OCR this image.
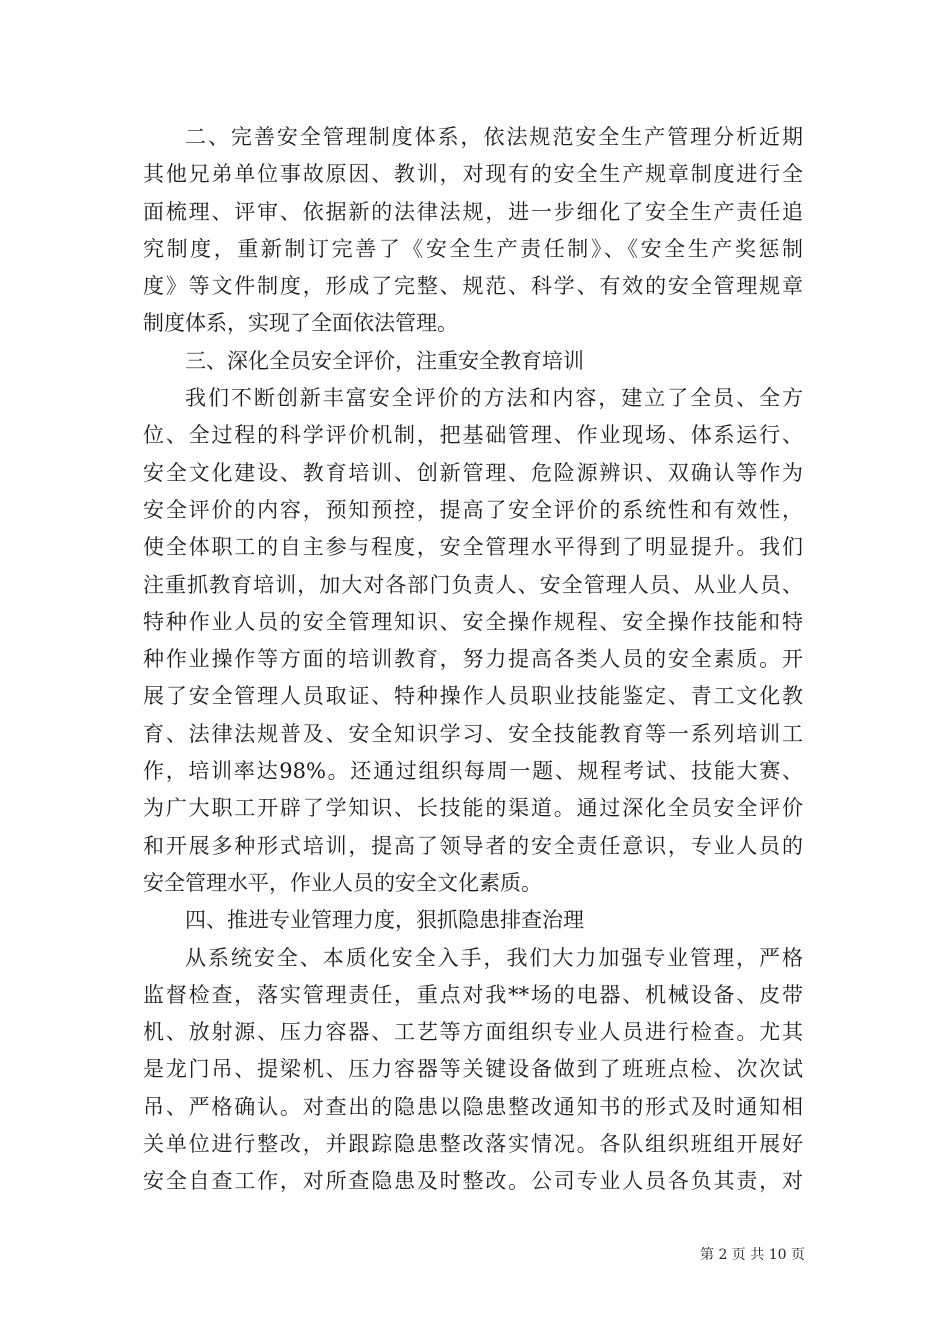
二、完善安全管理制度体系，依法规范安全生产管理分析近期
其他兄弟单位事故原因、教训，对现有的安全生产规章制度进行全
面梳理、评审、依据新的法律法规，进一步细化了安全生产责任追
究制度，重新制订完善了《安全生产责任制》、《安全生产奖惩制
度》等文件制度，形成了完整、规范、科学、有效的安全管理规章
制度体系，实现了全面依法管理。
三、深化全员安全评价，注重安全教育培训
我们不断创新丰富安全评价的方法和内容，建立了全员、全方
位、全过程的科学评价机制，把基础管理、作业现场、体系运行、
安全文化建设、教育培训、创新管理、危险源辨识、双确认等作为
安全评价的内容，预知预控，提高了安全评价的系统性和有效性，
使全体职工的自主参与程度，安全管理水平得到了明显提升。我们
注重抓教育培训，加大对各部门负责人、安全管理人员、从业人员、
特种作业人员的安全管理知识、安全操作规程、安全操作技能和特
种作业操作等方面的培训教育，努力提高各类人员的安全素质。开
展了安全管理人员取证、特种操作人员职业技能鉴定、青工文化教
育、法律法规普及、安全知识学习、安全技能教育等一系列培训工
作，培训率达98%。还通过组织每周一题、规程考试、技能大赛、
为广大职工开辟了学知识、长技能的渠道。通过深化全员安全评价
和开展多种形式培训，提高了领导者的安全责任意识，专业人员的
安全管理水平，作业人员的安全文化素质。
四、推进专业管理力度，狠抓隐患排查治理
从系统安全、本质化安全入手，我们大力加强专业管理，严格
监督检查，落实管理责任，重点对我**场的电器、机械设备、皮带
机、放射源、压力容器、工艺等方面组织专业人员进行检查。尤其
是龙门吊、提梁机、压力容器等关键设备做到了班班点检、次次试
吊、严格确认。对查出的隐患以隐患整改通知书的形式及时通知相
关单位进行整改，并跟踪隐患整改落实情况。各队组织班组开展好
安全自查工作，对所查隐患及时整改。公司专业人员各负其责，对
第 2 页 共 10 页
